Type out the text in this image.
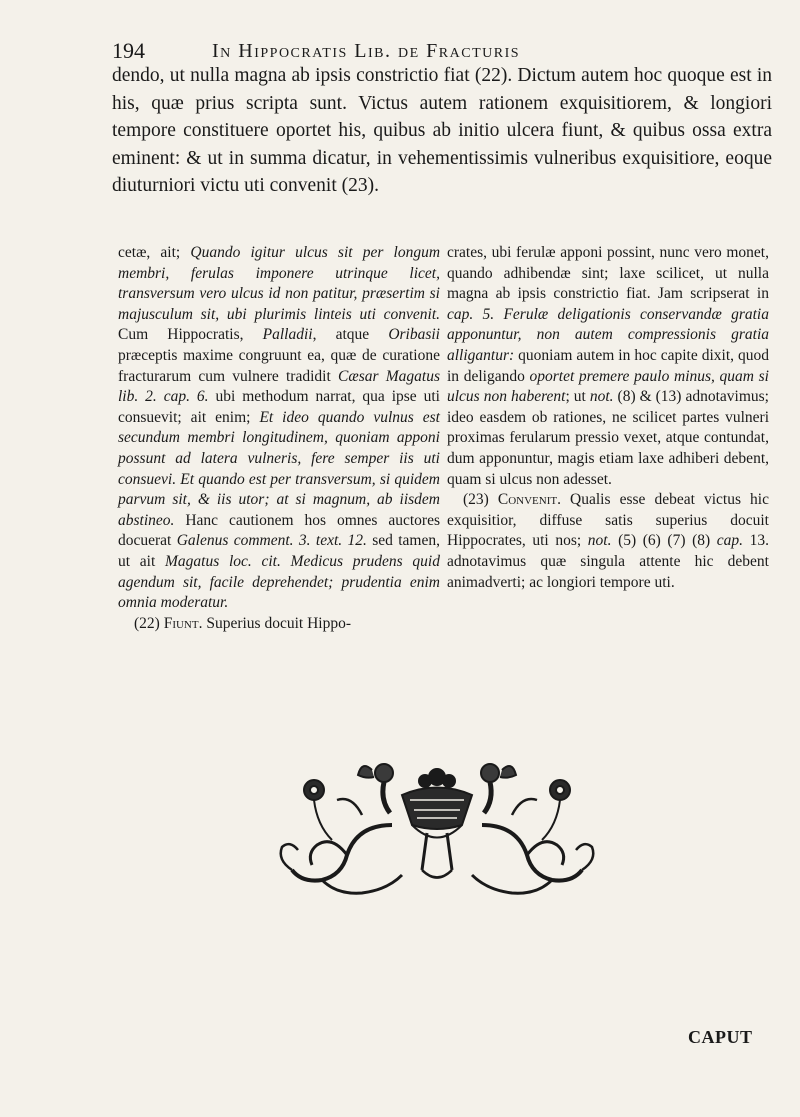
194	In Hippocratis Lib. de Fracturis

dendo, ut nulla magna ab ipsis constrictio fiat (22). Dictum autem hoc quoque est in his, quæ prius scripta sunt. Victus autem rationem exquisitiorem, & longiori tempore constituere oportet his, quibus ab initio ulcera fiunt, & quibus ossa extra eminent: & ut in summa dicatur, in vehementissimis vulneribus exquisitiore, eoque diuturniori victu uti convenit (23).

cetæ, ait; Quando igitur ulcus sit per longum membri, ferulas imponere utrinque licet, transversum vero ulcus id non patitur, præsertim si majusculum sit, ubi plurimis linteis uti convenit. Cum Hippocratis, Palladii, atque Oribasii præceptis maxime congruunt ea, quæ de curatione fracturarum cum vulnere tradidit Cæsar Magatus lib. 2. cap. 6. ubi methodum narrat, qua ipse uti consuevit; ait enim; Et ideo quando vulnus est secundum membri longitudinem, quoniam apponi possunt ad latera vulneris, fere semper iis uti consuevi. Et quando est per transversum, si quidem parvum sit, & iis utor; at si magnum, ab iisdem abstineo. Hanc cautionem hos omnes auctores docuerat Galenus comment. 3. text. 12. sed tamen, ut ait Magatus loc. cit. Medicus prudens quid agendum sit, facile deprehendet; prudentia enim omnia moderatur.

(22) Fiunt. Superius docuit Hippo-

crates, ubi ferulæ apponi possint, nunc vero monet, quando adhibendæ sint; laxe scilicet, ut nulla magna ab ipsis constrictio fiat. Jam scripserat in cap. 5. Ferulæ deligationis conservandæ gratia apponuntur, non autem compressionis gratia alligantur: quoniam autem in hoc capite dixit, quod in deligando oportet premere paulo minus, quam si ulcus non haberent; ut not. (8) & (13) adnotavimus; ideo easdem ob rationes, ne scilicet partes vulneri proximas ferularum pressio vexet, atque contundat, dum apponuntur, magis etiam laxe adhiberi debent, quam si ulcus non adesset.

(23) Convenit. Qualis esse debeat victus hic exquisitior, diffuse satis superius docuit Hippocrates, uti nos; not. (5) (6) (7) (8) cap. 13. adnotavimus quæ singula attente hic debent animadverti; ac longiori tempore uti.

CAPUT
